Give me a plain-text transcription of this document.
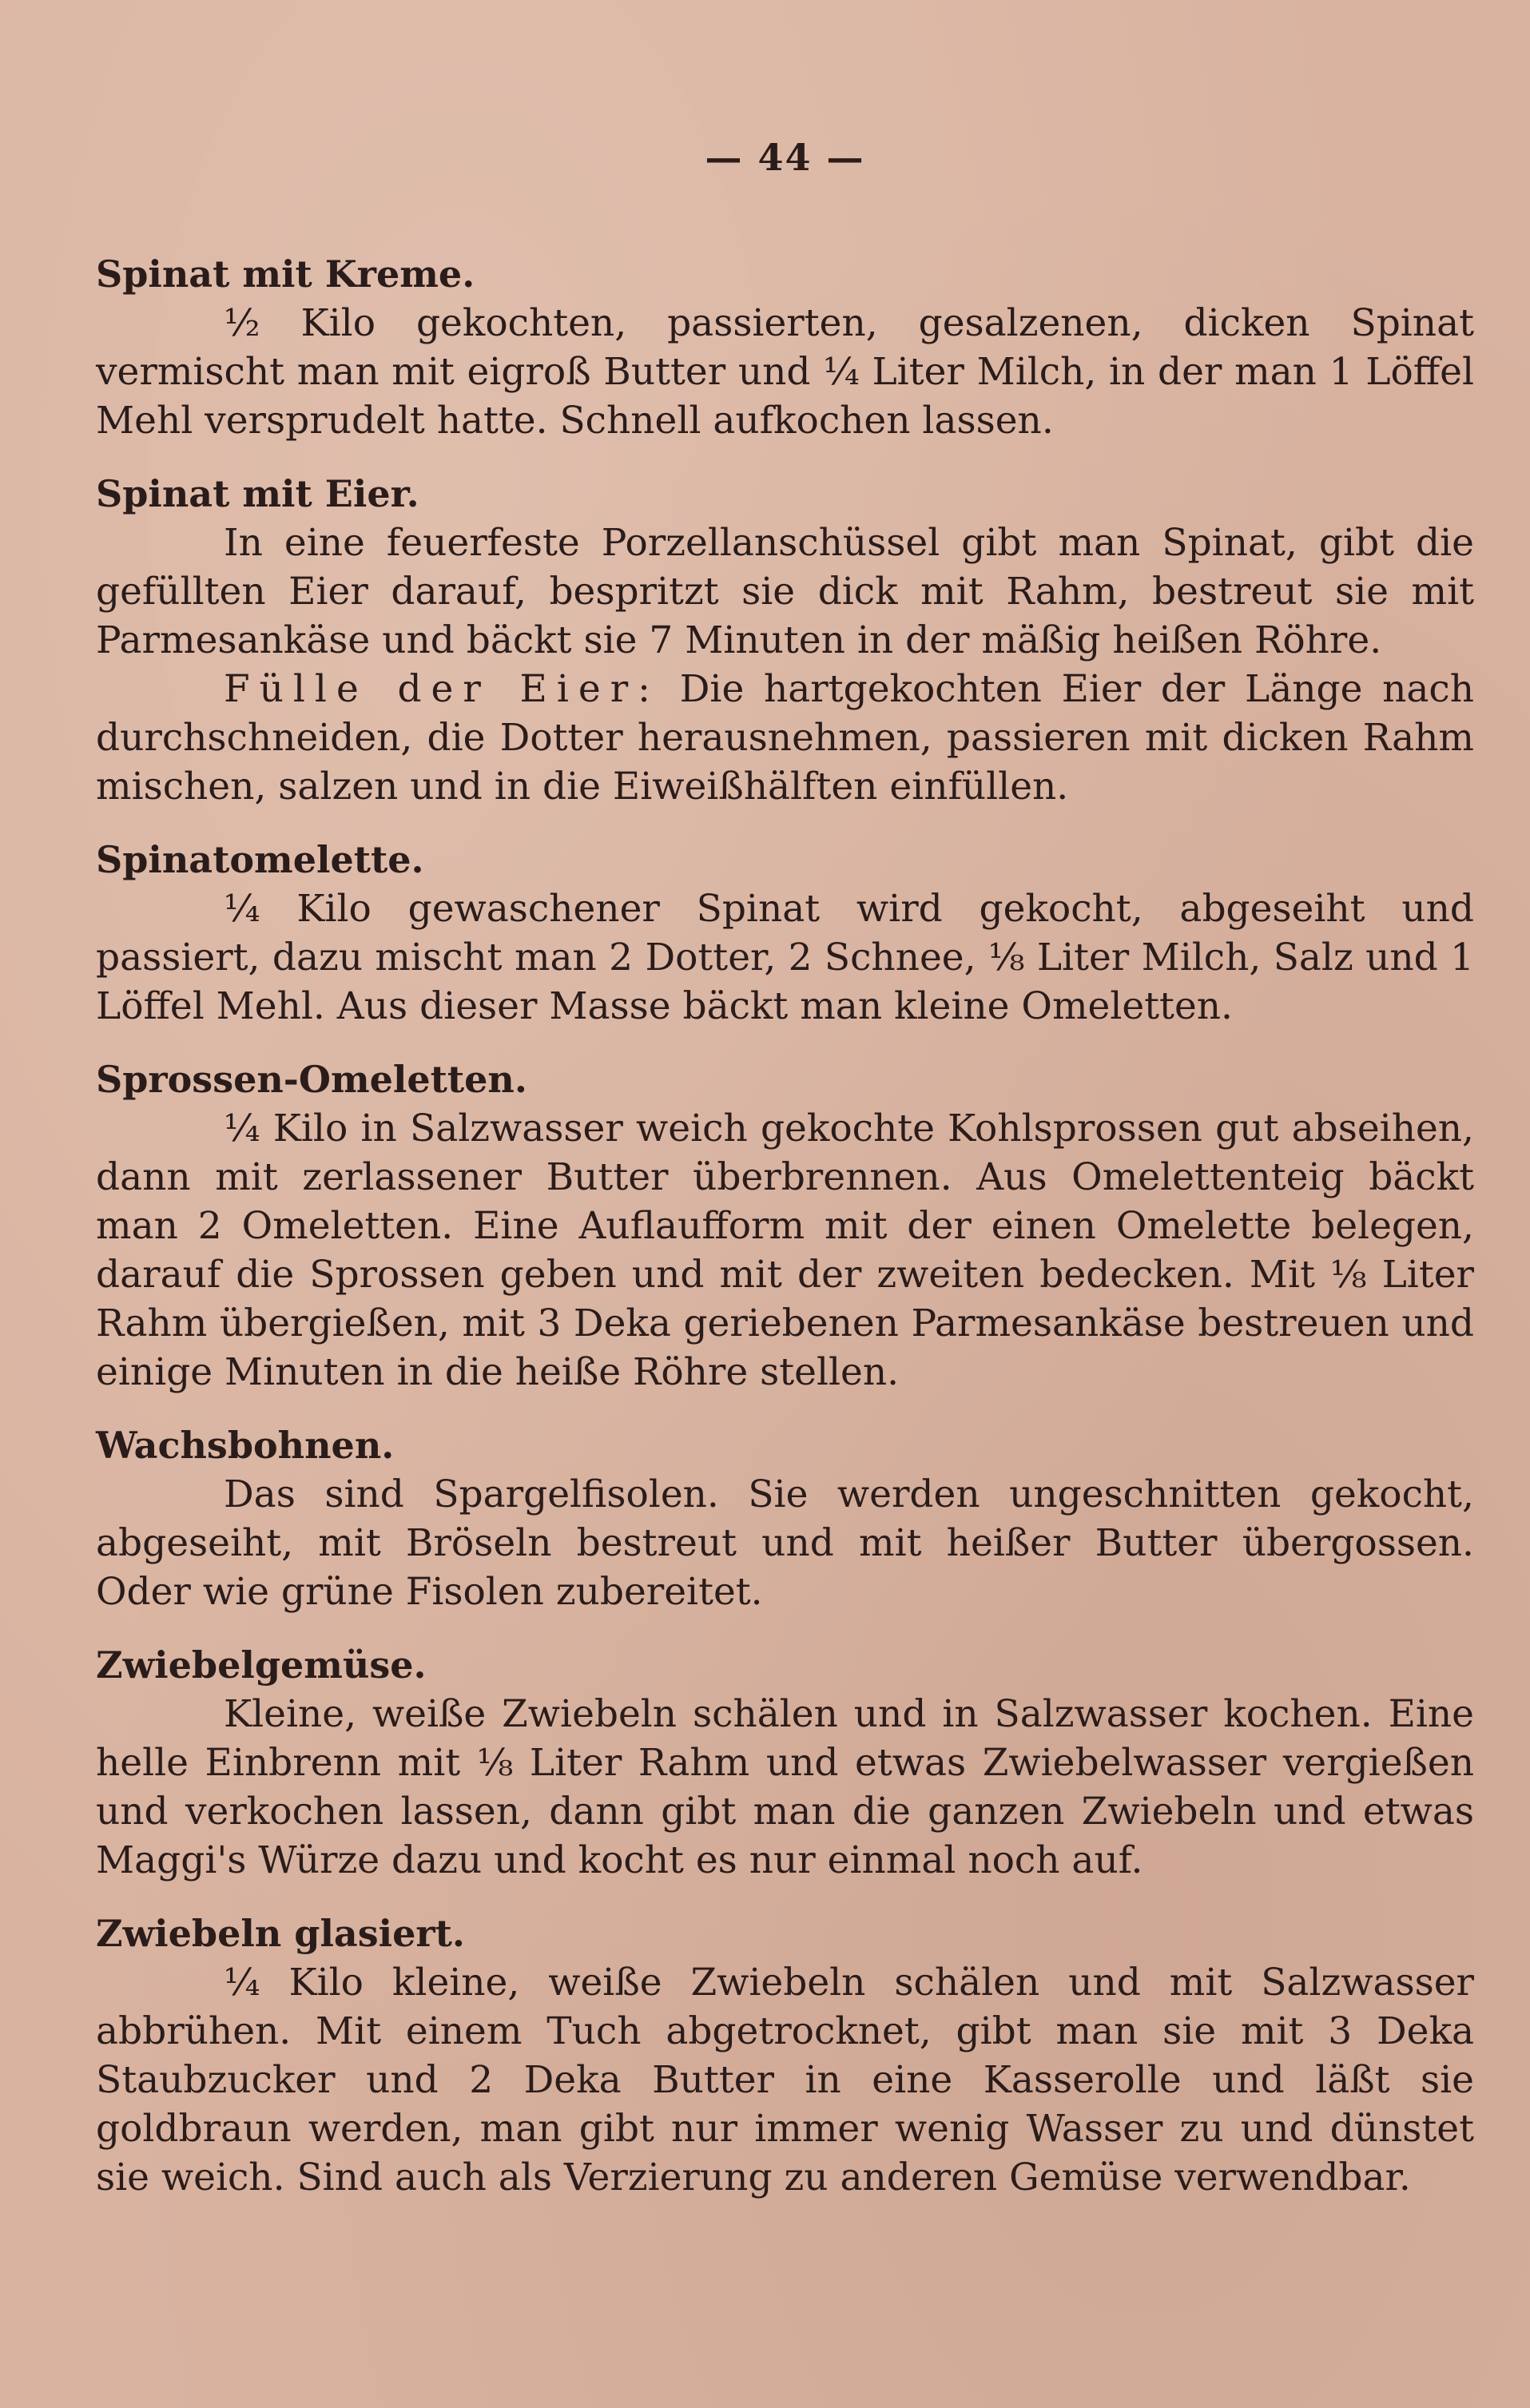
— 44 —
Spinat mit Kreme.

½ Kilo gekochten, passierten, gesalzenen, dicken Spinat vermischt man mit eigroß Butter und ¼ Liter Milch, in der man 1 Löffel Mehl versprudelt hatte. Schnell aufkochen lassen.

Spinat mit Eier.

In eine feuerfeste Porzellanschüssel gibt man Spinat, gibt die gefüllten Eier darauf, bespritzt sie dick mit Rahm, bestreut sie mit Parmesankäse und bäckt sie 7 Minuten in der mäßig heißen Röhre.

Fülle der Eier: Die hartgekochten Eier der Länge nach durchschneiden, die Dotter herausnehmen, passieren mit dicken Rahm mischen, salzen und in die Eiweißhälften einfüllen.

Spinatomelette.

¼ Kilo gewaschener Spinat wird gekocht, abgeseiht und passiert, dazu mischt man 2 Dotter, 2 Schnee, ⅛ Liter Milch, Salz und 1 Löffel Mehl. Aus dieser Masse bäckt man kleine Omeletten.

Sprossen-Omeletten.

¼ Kilo in Salzwasser weich gekochte Kohlsprossen gut abseihen, dann mit zerlassener Butter überbrennen. Aus Omelettenteig bäckt man 2 Omeletten. Eine Auflaufform mit der einen Omelette belegen, darauf die Sprossen geben und mit der zweiten bedecken. Mit ⅛ Liter Rahm übergießen, mit 3 Deka geriebenen Parmesankäse bestreuen und einige Minuten in die heiße Röhre stellen.

Wachsbohnen.

Das sind Spargelfisolen. Sie werden ungeschnitten gekocht, abgeseiht, mit Bröseln bestreut und mit heißer Butter übergossen. Oder wie grüne Fisolen zubereitet.

Zwiebelgemüse.

Kleine, weiße Zwiebeln schälen und in Salzwasser kochen. Eine helle Einbrenn mit ⅛ Liter Rahm und etwas Zwiebelwasser vergießen und verkochen lassen, dann gibt man die ganzen Zwiebeln und etwas Maggi's Würze dazu und kocht es nur einmal noch auf.

Zwiebeln glasiert.

¼ Kilo kleine, weiße Zwiebeln schälen und mit Salzwasser abbrühen. Mit einem Tuch abgetrocknet, gibt man sie mit 3 Deka Staubzucker und 2 Deka Butter in eine Kasserolle und läßt sie goldbraun werden, man gibt nur immer wenig Wasser zu und dünstet sie weich. Sind auch als Verzierung zu anderen Gemüse verwendbar.
